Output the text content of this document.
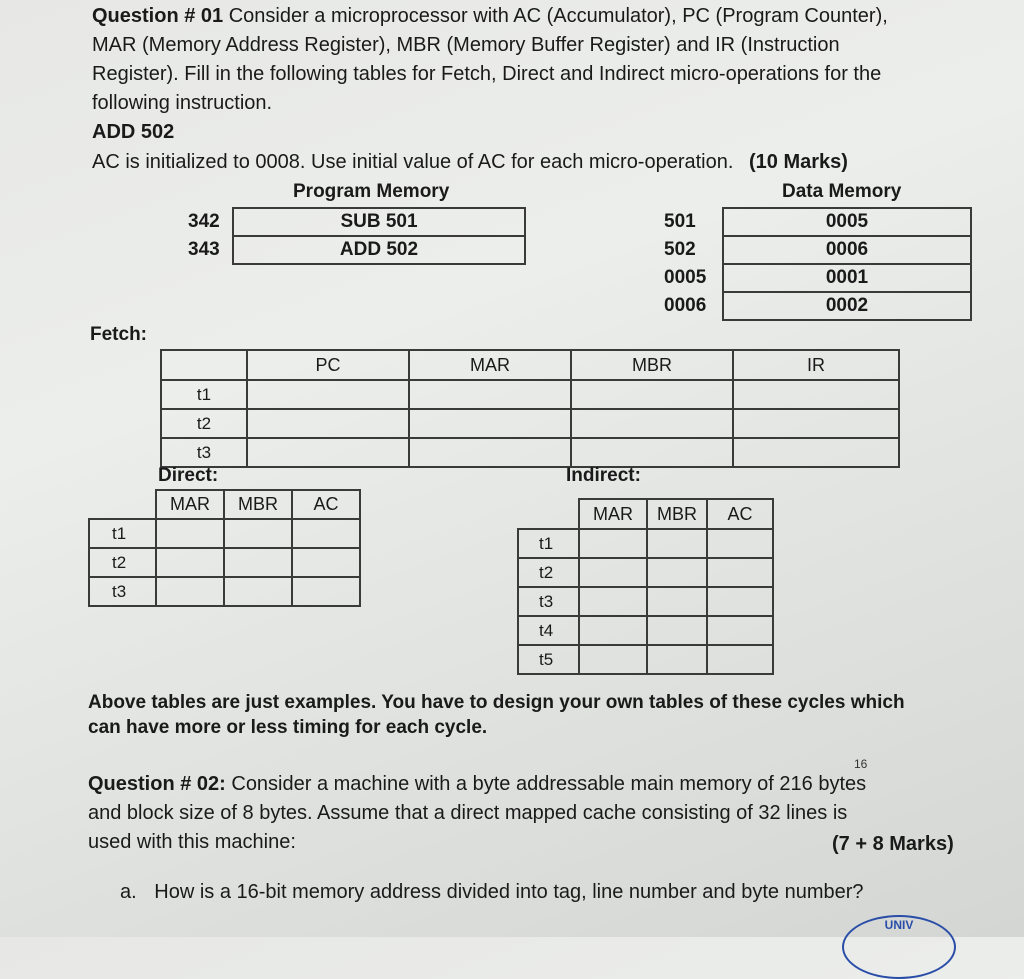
Question # 01 Consider a microprocessor with AC (Accumulator), PC (Program Counter),
MAR (Memory Address Register), MBR (Memory Buffer Register) and IR (Instruction
Register). Fill in the following tables for Fetch, Direct and Indirect micro-operations for the
following instruction.
ADD 502
AC is initialized to 0008. Use initial value of AC for each micro-operation. (10 Marks)
Program Memory
342	SUB 501
343	ADD 502
Data Memory
501	0005
502	0006
0005	0001
0006	0002
Fetch:
	PC	MAR	MBR	IR
t1				
t2				
t3				
Direct:
	MAR	MBR	AC
t1			
t2			
t3			
Indirect:
	MAR	MBR	AC
t1			
t2			
t3			
t4			
t5			
Above tables are just examples. You have to design your own tables of these cycles which
can have more or less timing for each cycle.
16
Question # 02: Consider a machine with a byte addressable main memory of 216 bytes
and block size of 8 bytes. Assume that a direct mapped cache consisting of 32 lines is
used with this machine:	(7 + 8 Marks)
a. How is a 16-bit memory address divided into tag, line number and byte number?
UNIV
